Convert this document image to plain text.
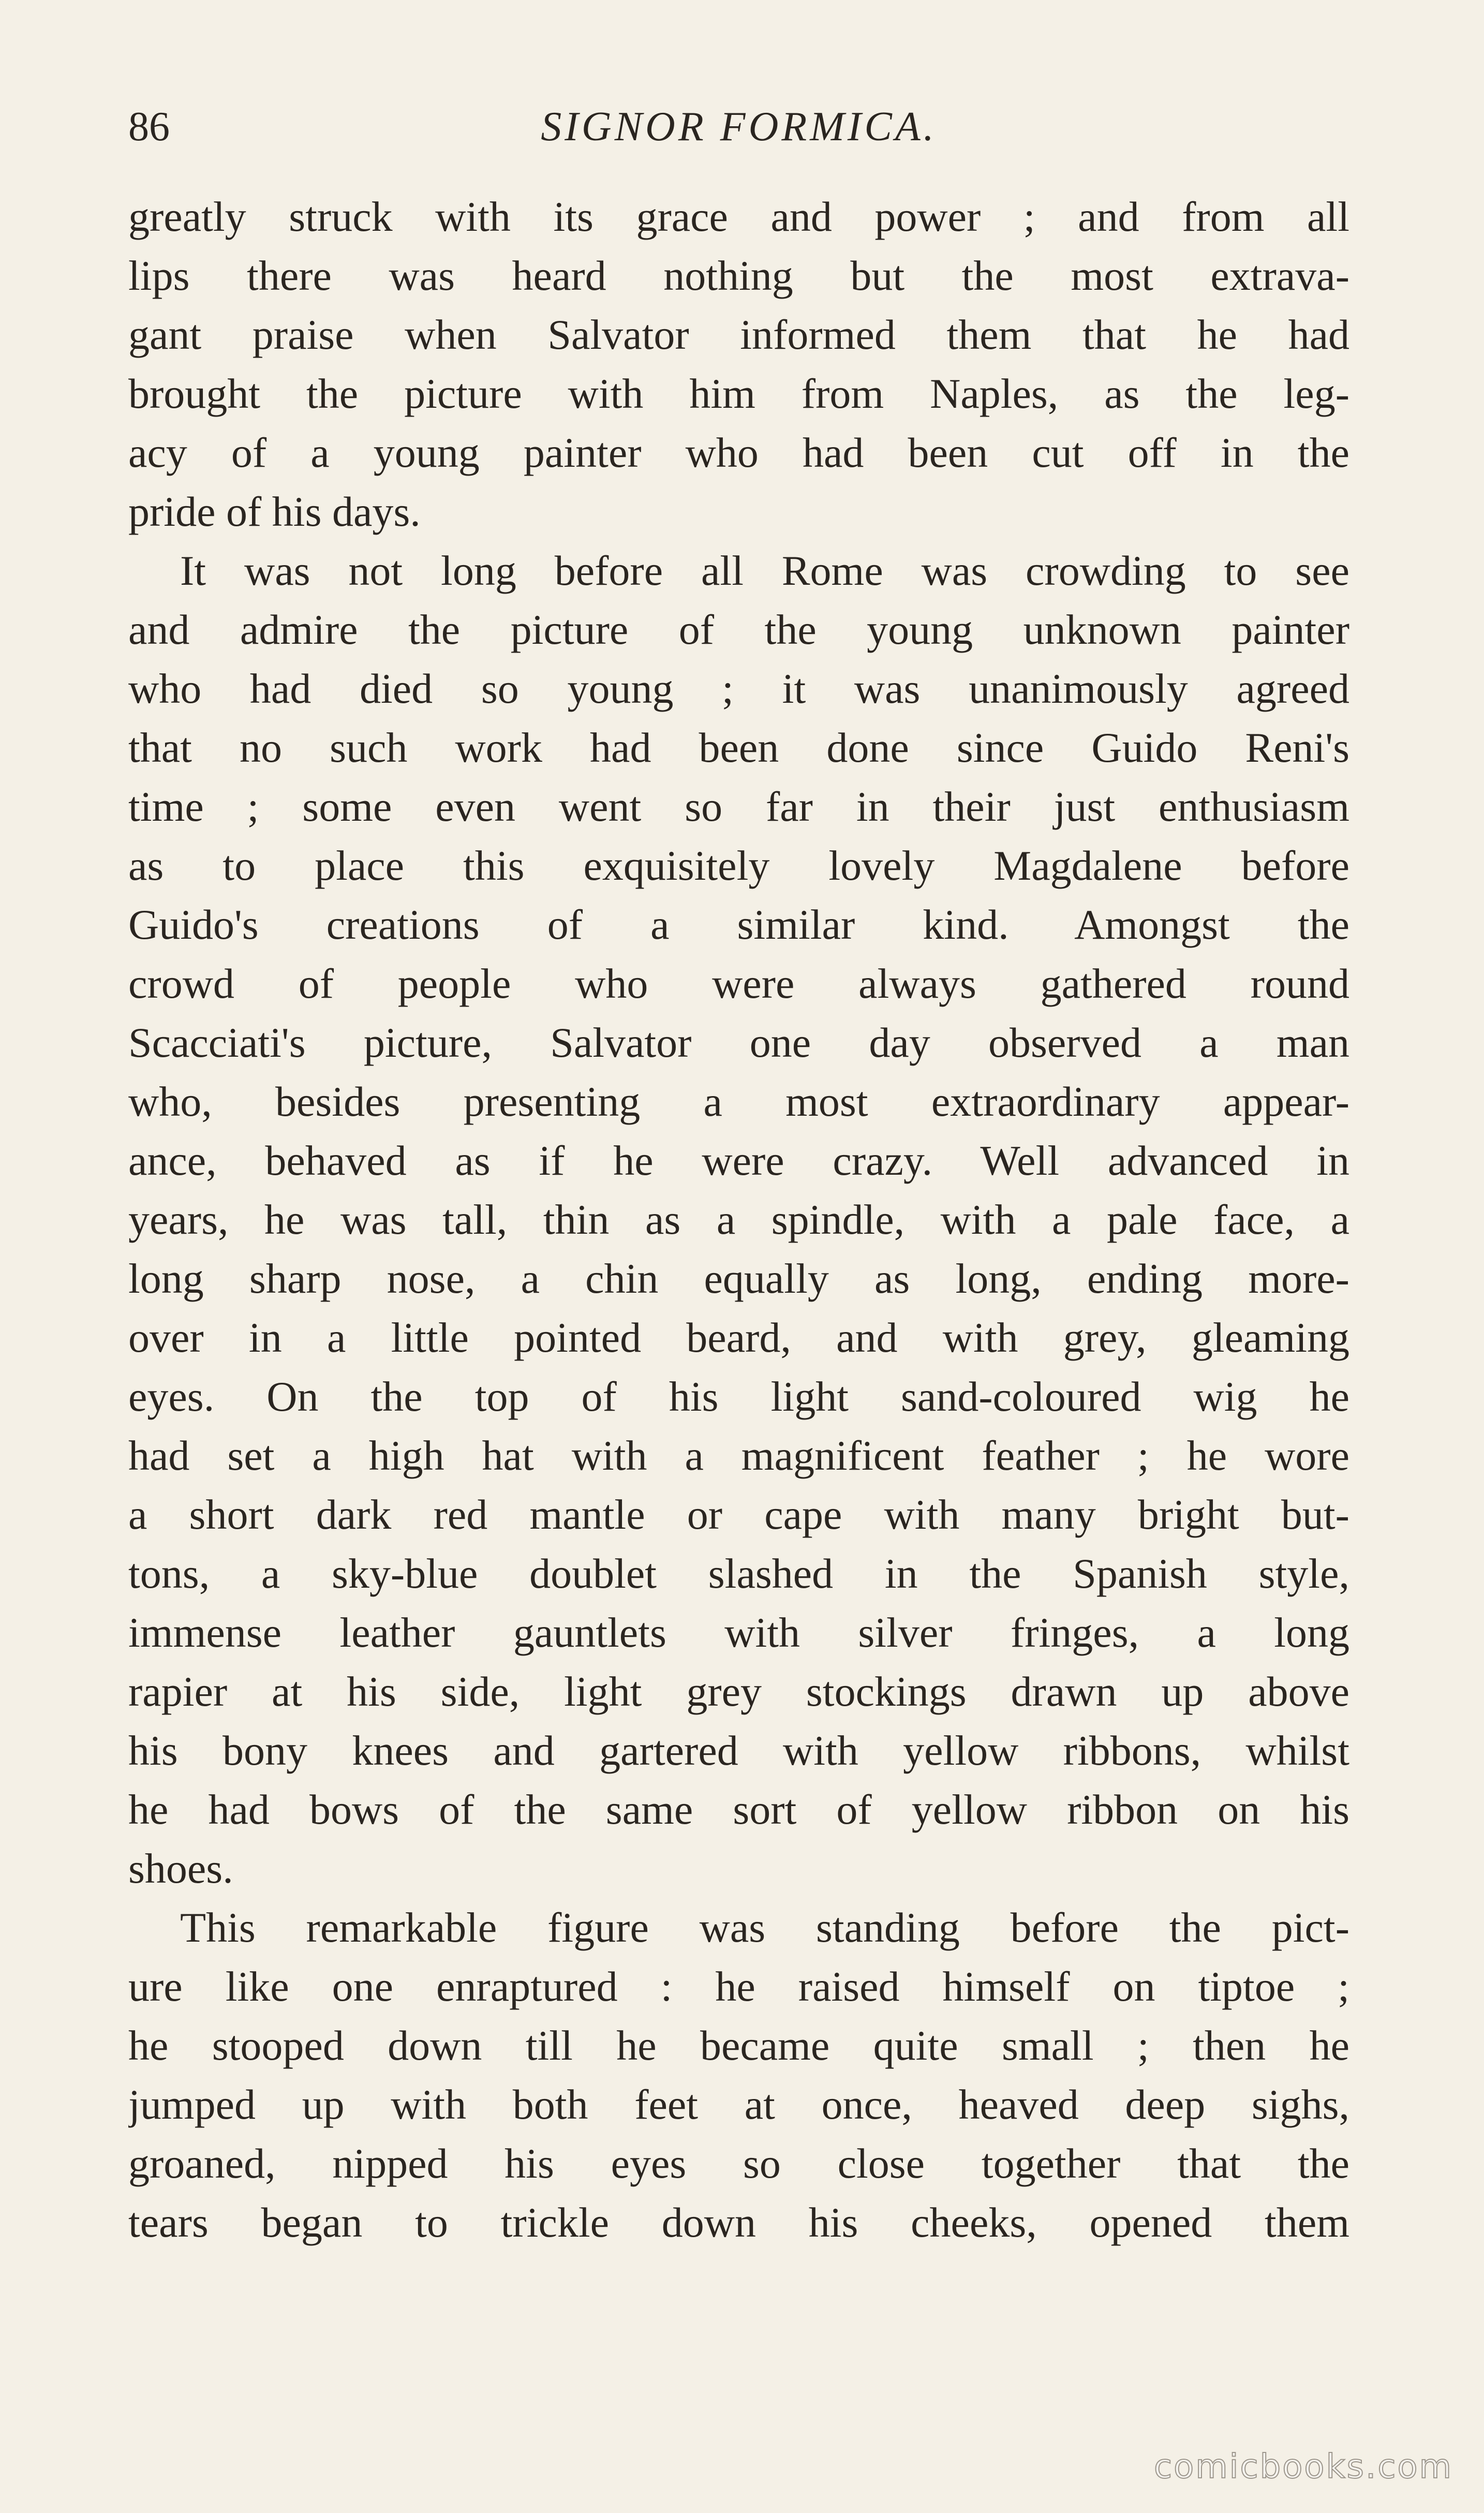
86	SIGNOR FORMICA.
greatly struck with its grace and power ; and from all
lips there was heard nothing but the most extrava-
gant praise when Salvator informed them that he had
brought the picture with him from Naples, as the leg-
acy of a young painter who had been cut off in the
pride of his days.
It was not long before all Rome was crowding to see
and admire the picture of the young unknown painter
who had died so young ; it was unanimously agreed
that no such work had been done since Guido Reni's
time ; some even went so far in their just enthusiasm
as to place this exquisitely lovely Magdalene before
Guido's creations of a similar kind. Amongst the
crowd of people who were always gathered round
Scacciati's picture, Salvator one day observed a man
who, besides presenting a most extraordinary appear-
ance, behaved as if he were crazy. Well advanced in
years, he was tall, thin as a spindle, with a pale face, a
long sharp nose, a chin equally as long, ending more-
over in a little pointed beard, and with grey, gleaming
eyes. On the top of his light sand-coloured wig he
had set a high hat with a magnificent feather ; he wore
a short dark red mantle or cape with many bright but-
tons, a sky-blue doublet slashed in the Spanish style,
immense leather gauntlets with silver fringes, a long
rapier at his side, light grey stockings drawn up above
his bony knees and gartered with yellow ribbons, whilst
he had bows of the same sort of yellow ribbon on his
shoes.
This remarkable figure was standing before the pict-
ure like one enraptured : he raised himself on tiptoe ;
he stooped down till he became quite small ; then he
jumped up with both feet at once, heaved deep sighs,
groaned, nipped his eyes so close together that the
tears began to trickle down his cheeks, opened them
comicbooks.com
